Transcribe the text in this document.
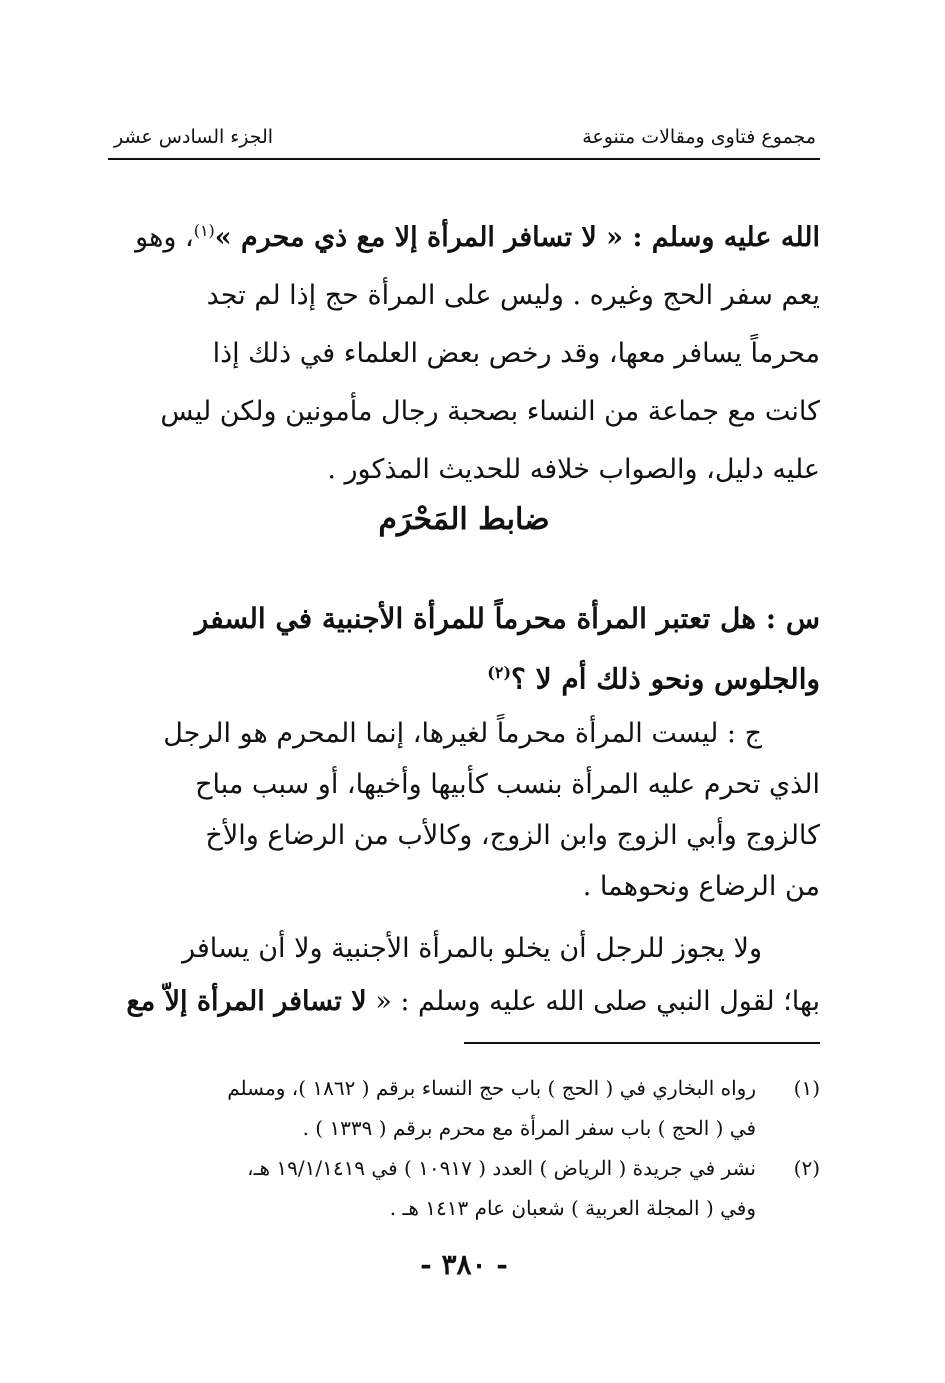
مجموع فتاوى ومقالات متنوعة
الجزء السادس عشر

الله عليه وسلم : « لا تسافر المرأة إلا مع ذي محرم »$^{(١)}$، وهو

يعم سفر الحج وغيره . وليس على المرأة حج إذا لم تجد

محرماً يسافر معها، وقد رخص بعض العلماء في ذلك إذا

كانت مع جماعة من النساء بصحبة رجال مأمونين ولكن ليس

عليه دليل، والصواب خلافه للحديث المذكور .

ضابط المَحْرَم

س : هل تعتبر المرأة محرماً للمرأة الأجنبية في السفر

والجلوس ونحو ذلك أم لا ؟$^{(٢)}$

ج : ليست المرأة محرماً لغيرها، إنما المحرم هو الرجل

الذي تحرم عليه المرأة بنسب كأبيها وأخيها، أو سبب مباح

كالزوج وأبي الزوج وابن الزوج، وكالأب من الرضاع والأخ

من الرضاع ونحوهما .

ولا يجوز للرجل أن يخلو بالمرأة الأجنبية ولا أن يسافر

بها؛ لقول النبي صلى الله عليه وسلم : « لا تسافر المرأة إلاّ مع

(١)
رواه البخاري في ( الحج ) باب حج النساء برقم ( ١٨٦٢ )، ومسلم
في ( الحج ) باب سفر المرأة مع محرم برقم ( ١٣٣٩ ) .
(٢)
نشر في جريدة ( الرياض ) العدد ( ١٠٩١٧ ) في ١٩/١/١٤١٩ هـ،
وفي ( المجلة العربية ) شعبان عام ١٤١٣ هـ .
- ٣٨٠ -
